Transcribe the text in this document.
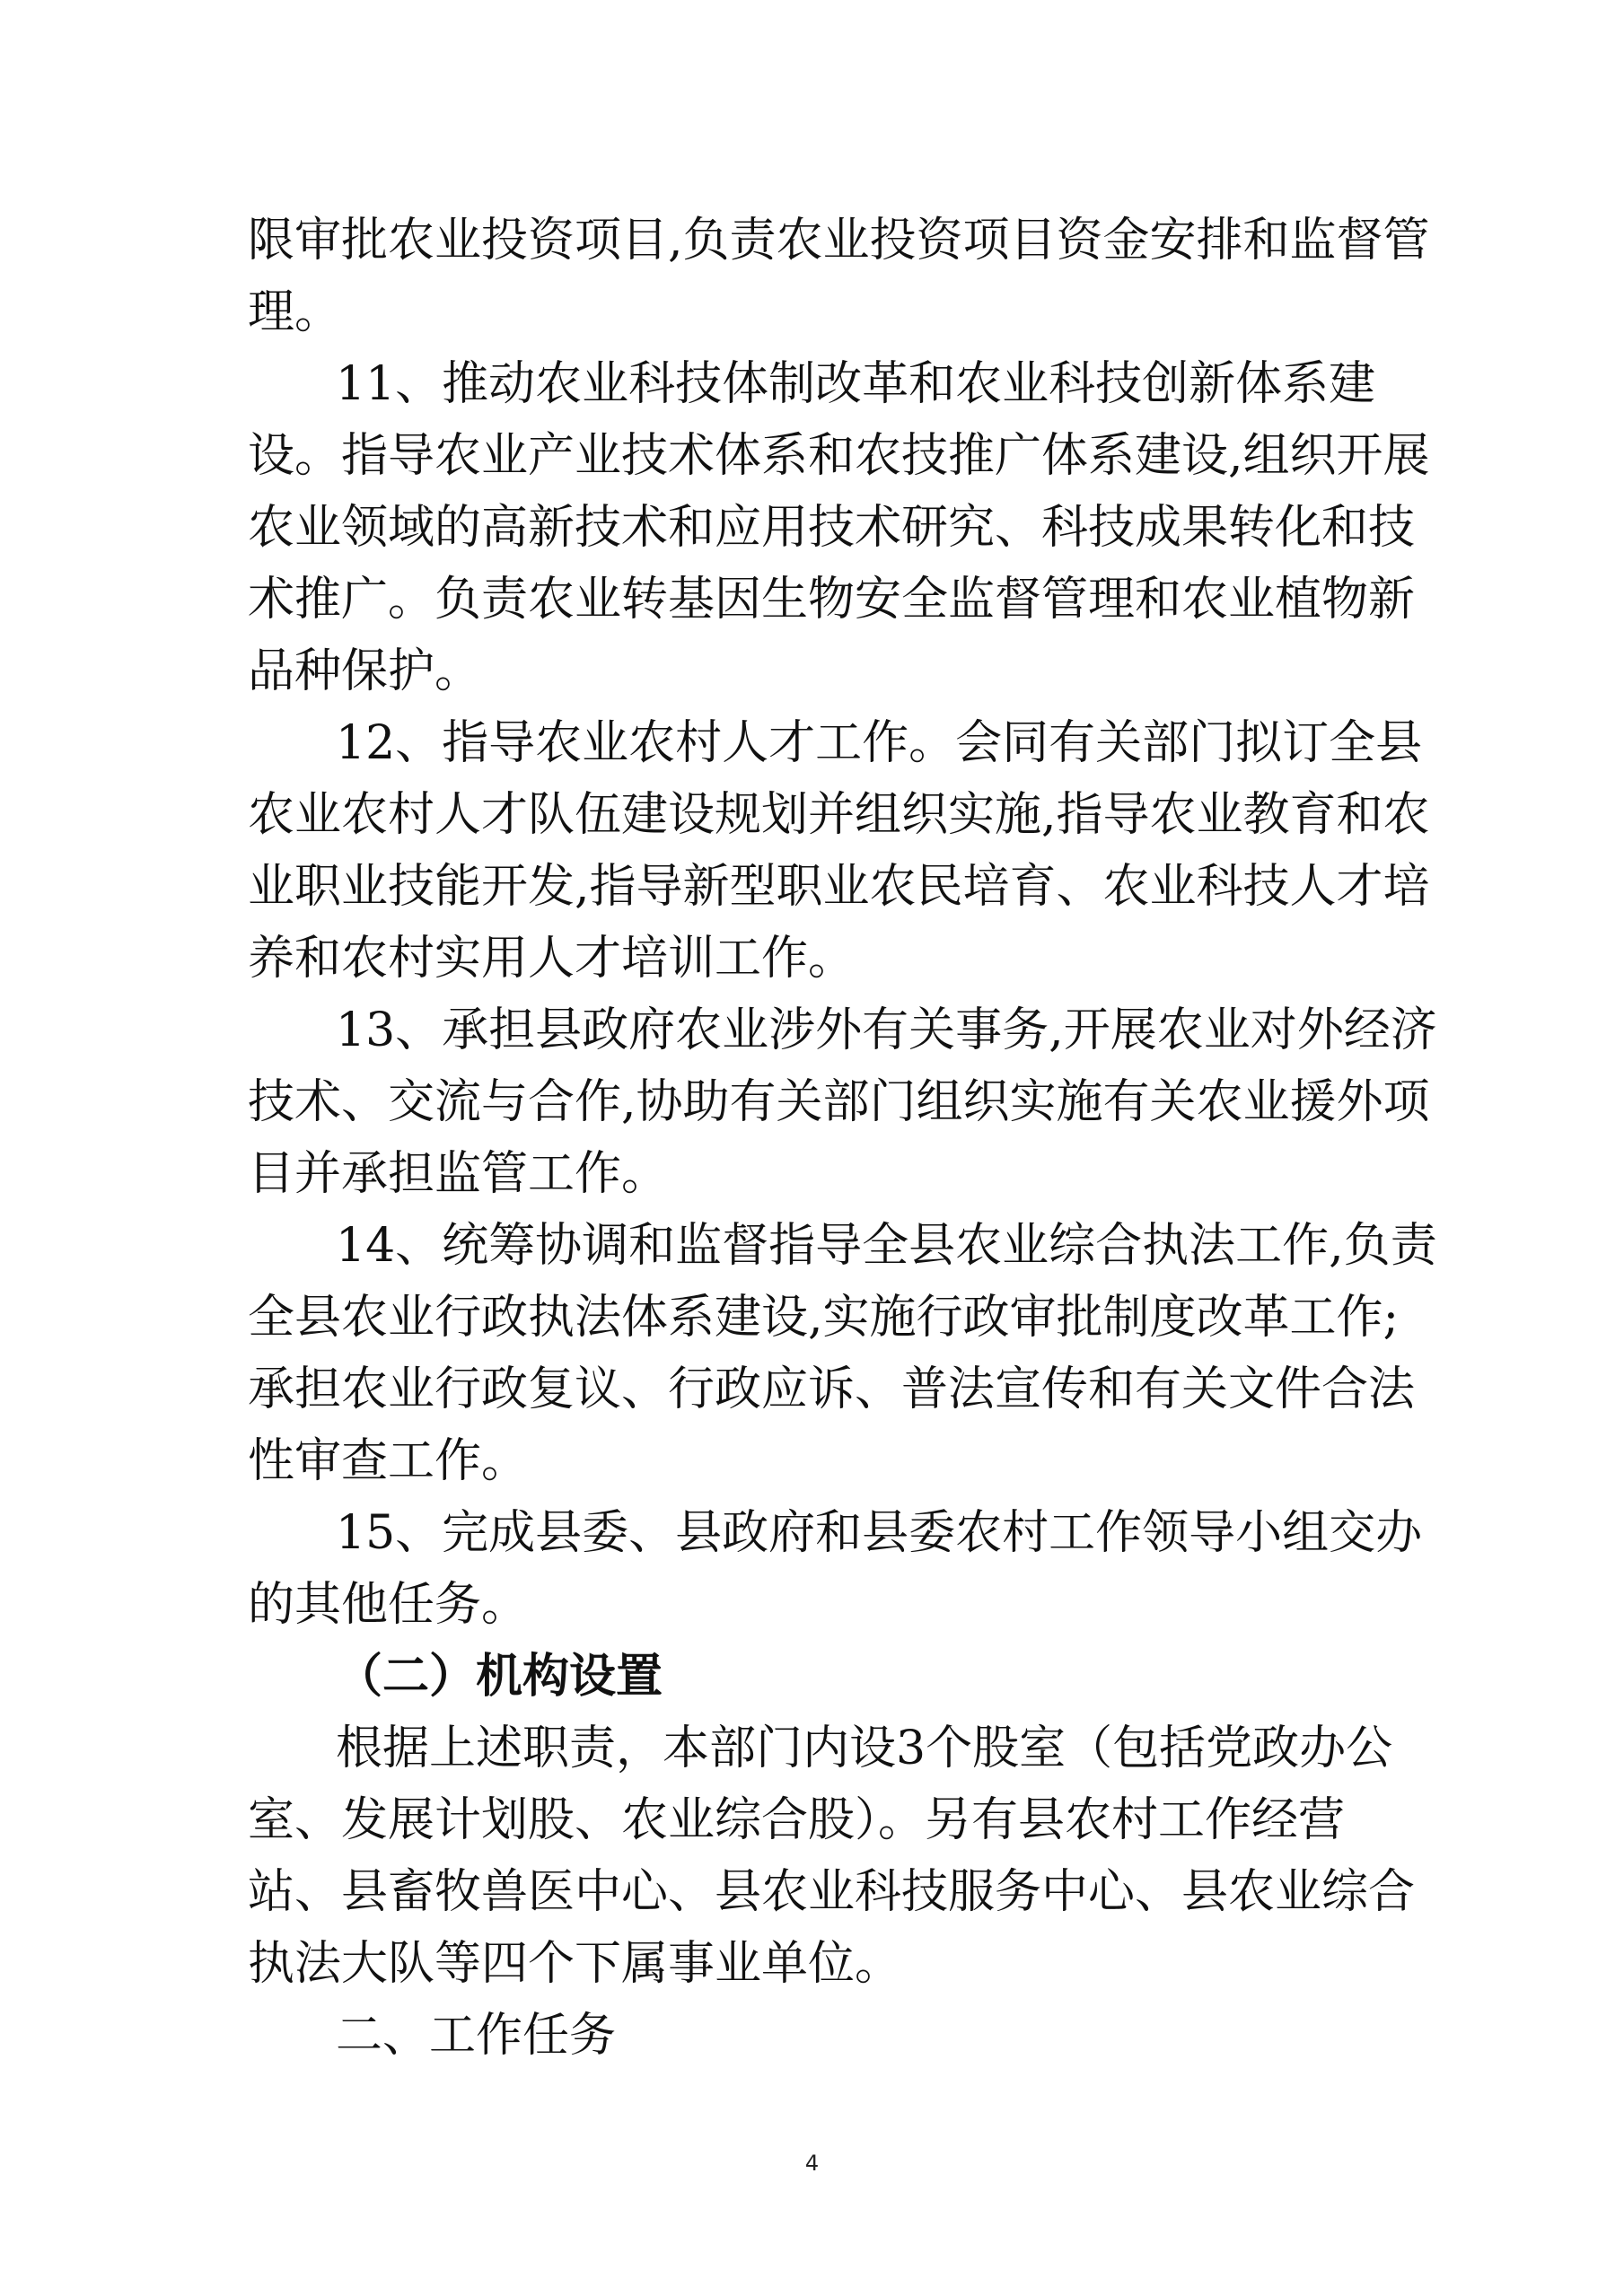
限审批农业投资项目,负责农业投资项目资金安排和监督管
理。
11、推动农业科技体制改革和农业科技创新体系建
设。指导农业产业技术体系和农技推广体系建设,组织开展
农业领域的高新技术和应用技术研究、科技成果转化和技
术推广。负责农业转基因生物安全监督管理和农业植物新
品种保护。
12、指导农业农村人才工作。会同有关部门拟订全县
农业农村人才队伍建设规划并组织实施,指导农业教育和农
业职业技能开发,指导新型职业农民培育、农业科技人才培
养和农村实用人才培训工作。
13、承担县政府农业涉外有关事务,开展农业对外经济
技术、交流与合作,协助有关部门组织实施有关农业援外项
目并承担监管工作。
14、统筹协调和监督指导全县农业综合执法工作,负责
全县农业行政执法体系建设,实施行政审批制度改革工作;
承担农业行政复议、行政应诉、普法宣传和有关文件合法
性审查工作。
15、完成县委、县政府和县委农村工作领导小组交办
的其他任务。
（二）机构设置
根据上述职责，本部门内设3个股室（包括党政办公
室、发展计划股、农业综合股）。另有县农村工作经营
站、县畜牧兽医中心、县农业科技服务中心、县农业综合
执法大队等四个下属事业单位。
二、工作任务
4
